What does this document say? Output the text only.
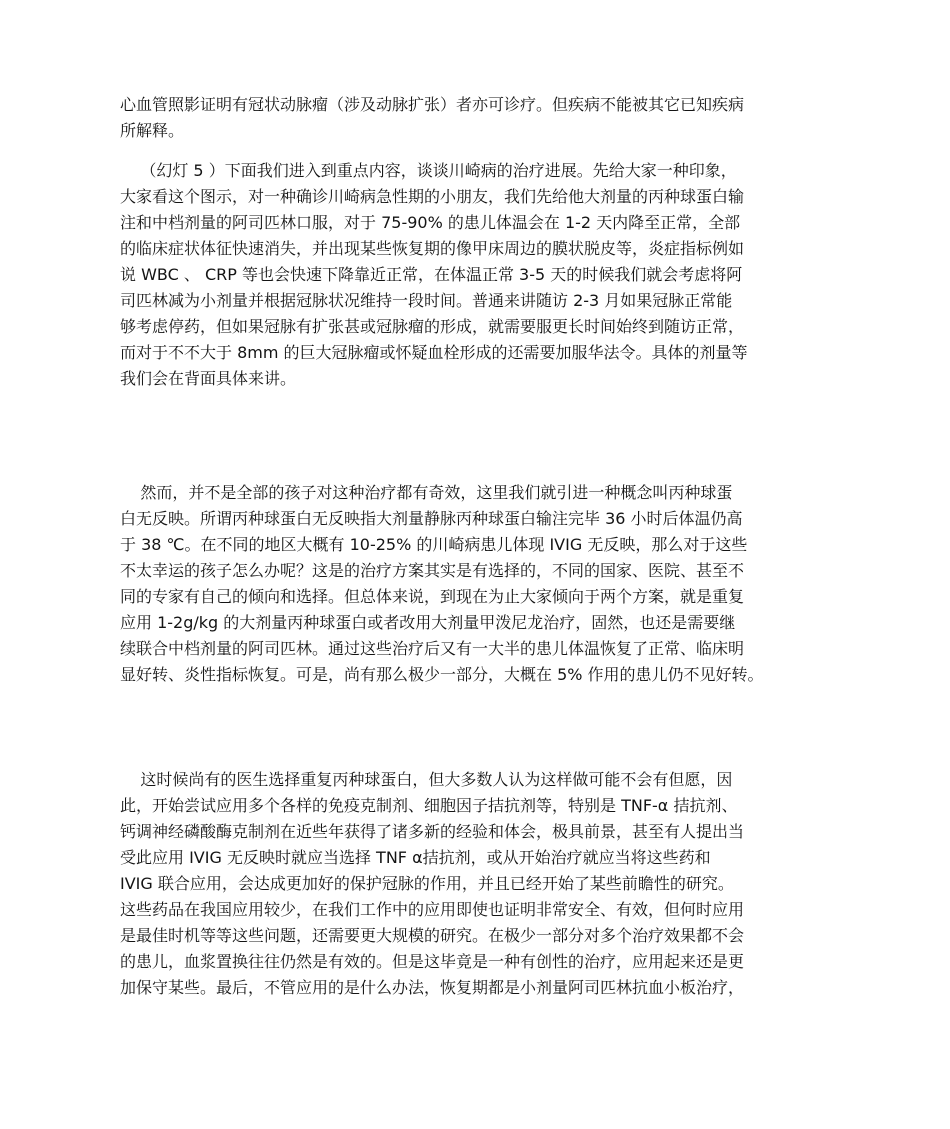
心血管照影证明有冠状动脉瘤（涉及动脉扩张）者亦可诊疗。但疾病不能被其它已知疾病
所解释。
（幻灯 5 ）下面我们进入到重点内容，谈谈川崎病的治疗进展。先给大家一种印象，
大家看这个图示，对一种确诊川崎病急性期的小朋友，我们先给他大剂量的丙种球蛋白输
注和中档剂量的阿司匹林口服，对于 75-90% 的患儿体温会在 1-2 天内降至正常，全部
的临床症状体征快速消失，并出现某些恢复期的像甲床周边的膜状脱皮等，炎症指标例如
说 WBC 、 CRP 等也会快速下降靠近正常，在体温正常 3-5 天的时候我们就会考虑将阿
司匹林减为小剂量并根据冠脉状况维持一段时间。普通来讲随访 2-3 月如果冠脉正常能
够考虑停药，但如果冠脉有扩张甚或冠脉瘤的形成，就需要服更长时间始终到随访正常，
而对于不不大于 8mm 的巨大冠脉瘤或怀疑血栓形成的还需要加服华法令。具体的剂量等
我们会在背面具体来讲。
然而，并不是全部的孩子对这种治疗都有奇效，这里我们就引进一种概念叫丙种球蛋
白无反映。所谓丙种球蛋白无反映指大剂量静脉丙种球蛋白输注完毕 36 小时后体温仍高
于 38 ℃。在不同的地区大概有 10-25% 的川崎病患儿体现 IVIG 无反映，那么对于这些
不太幸运的孩子怎么办呢？这是的治疗方案其实是有选择的，不同的国家、医院、甚至不
同的专家有自己的倾向和选择。但总体来说，到现在为止大家倾向于两个方案，就是重复
应用 1-2g/kg 的大剂量丙种球蛋白或者改用大剂量甲泼尼龙治疗，固然，也还是需要继
续联合中档剂量的阿司匹林。通过这些治疗后又有一大半的患儿体温恢复了正常、临床明
显好转、炎性指标恢复。可是，尚有那么极少一部分，大概在 5% 作用的患儿仍不见好转。
这时候尚有的医生选择重复丙种球蛋白，但大多数人认为这样做可能不会有但愿，因
此，开始尝试应用多个各样的免疫克制剂、细胞因子拮抗剂等，特别是 TNF-α 拮抗剂、
钙调神经磷酸酶克制剂在近些年获得了诸多新的经验和体会，极具前景，甚至有人提出当
受此应用 IVIG 无反映时就应当选择 TNF α拮抗剂，或从开始治疗就应当将这些药和
IVIG 联合应用，会达成更加好的保护冠脉的作用，并且已经开始了某些前瞻性的研究。
这些药品在我国应用较少，在我们工作中的应用即使也证明非常安全、有效，但何时应用
是最佳时机等等这些问题，还需要更大规模的研究。在极少一部分对多个治疗效果都不会
的患儿，血浆置换往往仍然是有效的。但是这毕竟是一种有创性的治疗，应用起来还是更
加保守某些。最后，不管应用的是什么办法，恢复期都是小剂量阿司匹林抗血小板治疗，
